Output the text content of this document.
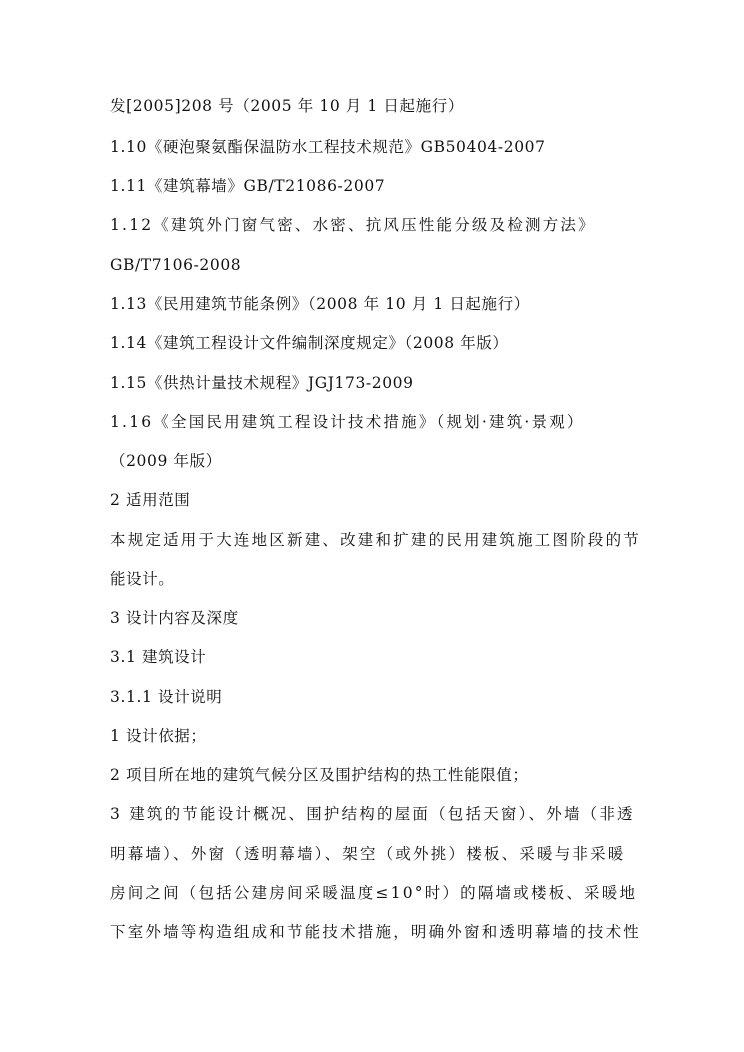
发[2005]208 号（2005 年 10 月 1 日起施行）
1.10《硬泡聚氨酯保温防水工程技术规范》GB50404-2007
1.11《建筑幕墙》GB/T21086-2007
1.12《建筑外门窗气密、水密、抗风压性能分级及检测方法》
GB/T7106-2008
1.13《民用建筑节能条例》（2008 年 10 月 1 日起施行）
1.14《建筑工程设计文件编制深度规定》（2008 年版）
1.15《供热计量技术规程》JGJ173-2009
1.16《全国民用建筑工程设计技术措施》（规划·建筑·景观）
（2009 年版）
2 适用范围
本规定适用于大连地区新建、改建和扩建的民用建筑施工图阶段的节
能设计。
3 设计内容及深度
3.1 建筑设计
3.1.1 设计说明
1 设计依据；
2 项目所在地的建筑气候分区及围护结构的热工性能限值；
3 建筑的节能设计概况、围护结构的屋面（包括天窗）、外墙（非透
明幕墙）、外窗（透明幕墙）、架空（或外挑）楼板、采暖与非采暖
房间之间（包括公建房间采暖温度≤10°时）的隔墙或楼板、采暖地
下室外墙等构造组成和节能技术措施，明确外窗和透明幕墙的技术性
